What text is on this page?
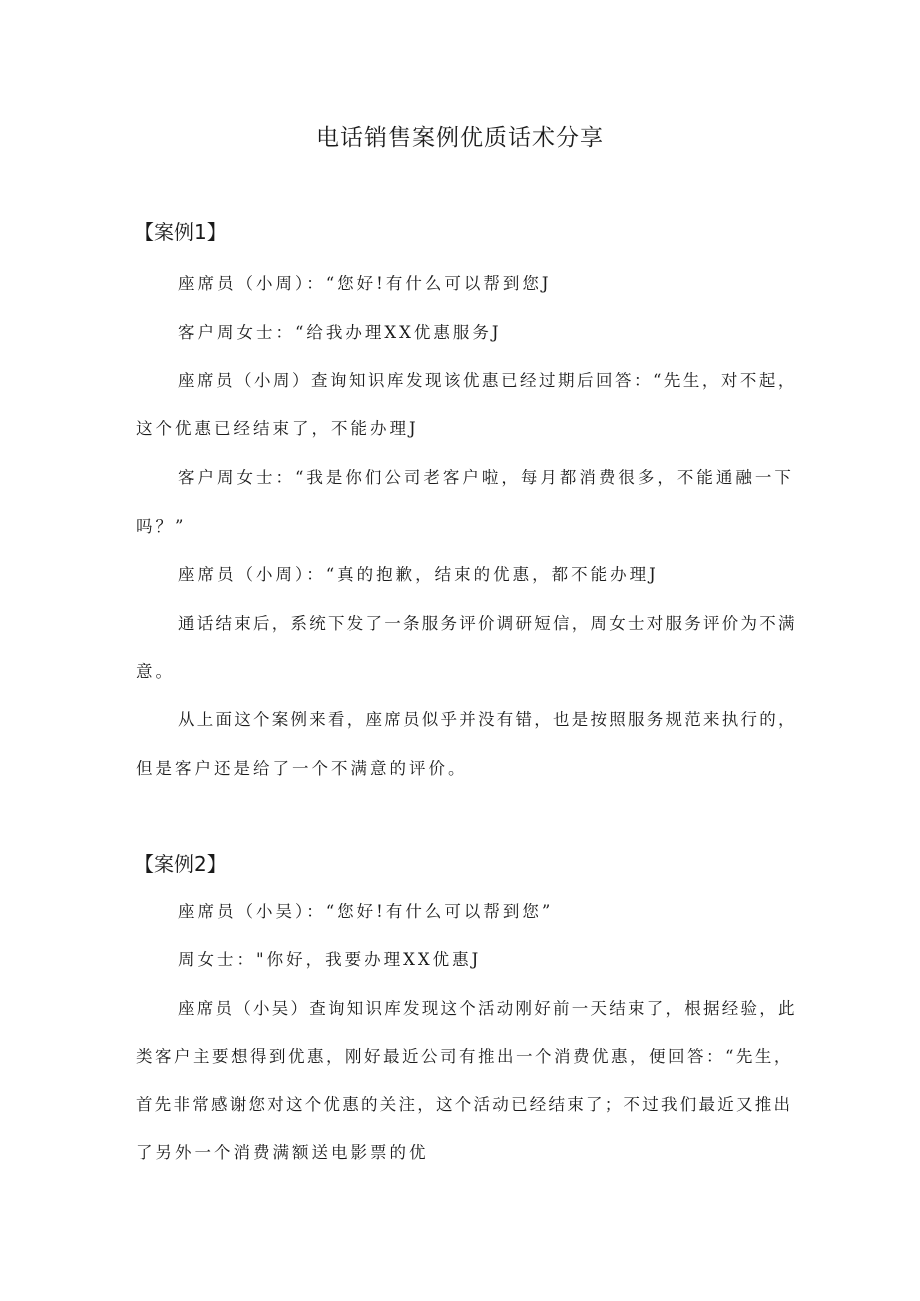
电话销售案例优质话术分享
【案例1】
座席员（小周）：“您好!有什么可以帮到您J
客户周女士：“给我办理XX优惠服务J
座席员（小周）查询知识库发现该优惠已经过期后回答：“先生，对不起，
这个优惠已经结束了，不能办理J
客户周女士：“我是你们公司老客户啦，每月都消费很多，不能通融一下
吗？”
座席员（小周）：“真的抱歉，结束的优惠，都不能办理J
通话结束后，系统下发了一条服务评价调研短信，周女士对服务评价为不满
意。
从上面这个案例来看，座席员似乎并没有错，也是按照服务规范来执行的，
但是客户还是给了一个不满意的评价。
【案例2】
座席员（小吴）：“您好!有什么可以帮到您”
周女士："你好，我要办理XX优惠J
座席员（小吴）查询知识库发现这个活动刚好前一天结束了，根据经验，此
类客户主要想得到优惠，刚好最近公司有推出一个消费优惠，便回答：“先生，
首先非常感谢您对这个优惠的关注，这个活动已经结束了；不过我们最近又推出
了另外一个消费满额送电影票的优
